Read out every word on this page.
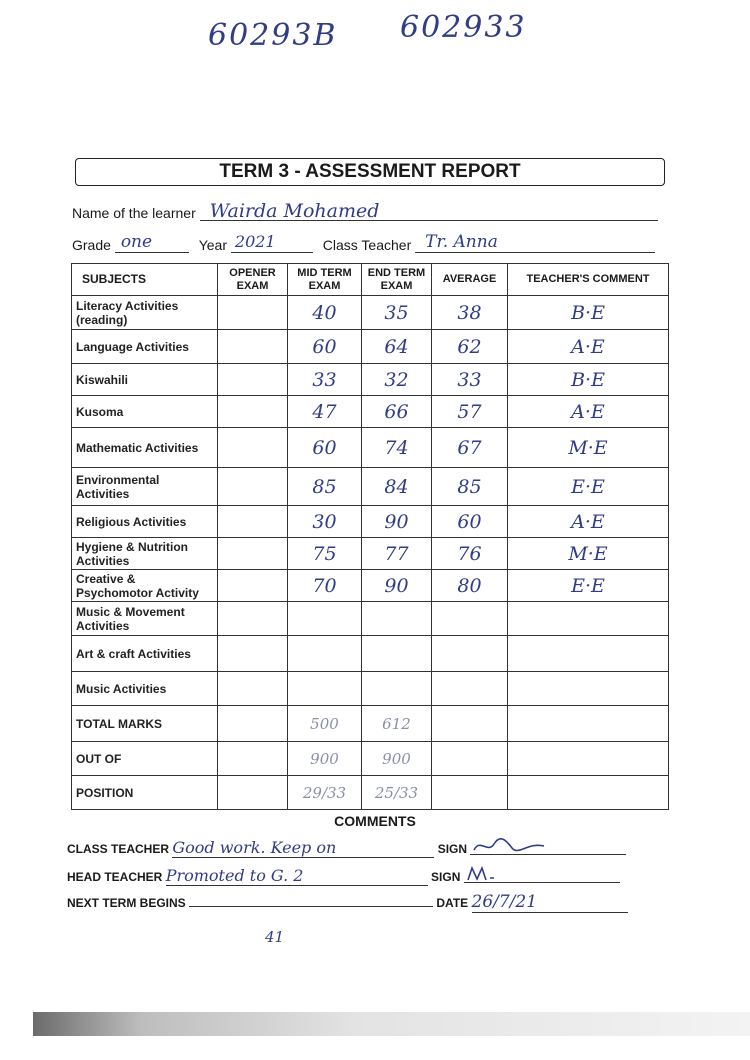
60293B 602933
TERM 3 - ASSESSMENT REPORT
Name of the learner Wairda Mohamed
Grade one	Year 2021	Class Teacher Tr. Anna
SUBJECTS	OPENER EXAM	MID TERM EXAM	END TERM EXAM	AVERAGE	TEACHER'S COMMENT
Literacy Activities (reading)		40	35	38	B·E
Language Activities		60	64	62	A·E
Kiswahili		33	32	33	B·E
Kusoma		47	66	57	A·E
Mathematic Activities		60	74	67	M·E
Environmental Activities		85	84	85	E·E
Religious Activities		30	90	60	A·E
Hygiene & Nutrition Activities		75	77	76	M·E
Creative & Psychomotor Activity		70	90	80	E·E
Music & Movement Activities					
Art & craft Activities					
Music Activities					
TOTAL MARKS		500	612		
OUT OF		900	900		
POSITION		29/33	25/33		
COMMENTS
CLASS TEACHER Good work. Keep on	SIGN
HEAD TEACHER Promoted to G. 2	SIGN
NEXT TERM BEGINS	DATE 26/7/21
41
